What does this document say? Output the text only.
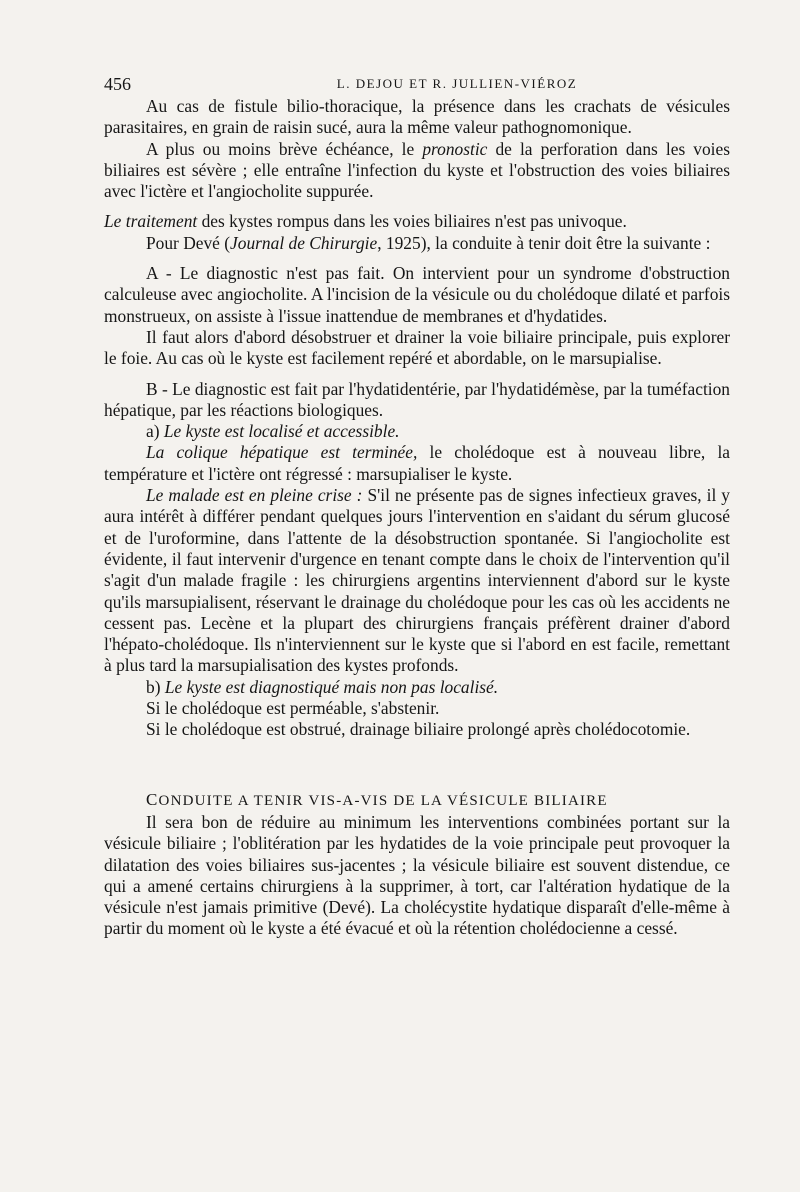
456	L. DEJOU ET R. JULLIEN-VIÉROZ

Au cas de fistule bilio-thoracique, la présence dans les crachats de vésicules parasitaires, en grain de raisin sucé, aura la même valeur pathognomonique.

A plus ou moins brève échéance, le pronostic de la perforation dans les voies biliaires est sévère ; elle entraîne l'infection du kyste et l'obstruction des voies biliaires avec l'ictère et l'angiocholite suppurée.

Le traitement des kystes rompus dans les voies biliaires n'est pas univoque.

Pour Devé (Journal de Chirurgie, 1925), la conduite à tenir doit être la suivante :

A - Le diagnostic n'est pas fait. On intervient pour un syndrome d'obstruction calculeuse avec angiocholite. A l'incision de la vésicule ou du cholédoque dilaté et parfois monstrueux, on assiste à l'issue inattendue de membranes et d'hydatides.

Il faut alors d'abord désobstruer et drainer la voie biliaire principale, puis explorer le foie. Au cas où le kyste est facilement repéré et abordable, on le marsupialise.

B - Le diagnostic est fait par l'hydatidentérie, par l'hydatidémèse, par la tuméfaction hépatique, par les réactions biologiques.

a) Le kyste est localisé et accessible.

La colique hépatique est terminée, le cholédoque est à nouveau libre, la température et l'ictère ont régressé : marsupialiser le kyste.

Le malade est en pleine crise : S'il ne présente pas de signes infectieux graves, il y aura intérêt à différer pendant quelques jours l'intervention en s'aidant du sérum glucosé et de l'uroformine, dans l'attente de la désobstruction spontanée. Si l'angiocholite est évidente, il faut intervenir d'urgence en tenant compte dans le choix de l'intervention qu'il s'agit d'un malade fragile : les chirurgiens argentins interviennent d'abord sur le kyste qu'ils marsupialisent, réservant le drainage du cholédoque pour les cas où les accidents ne cessent pas. Lecène et la plupart des chirurgiens français préfèrent drainer d'abord l'hépato-cholédoque. Ils n'interviennent sur le kyste que si l'abord en est facile, remettant à plus tard la marsupialisation des kystes profonds.

b) Le kyste est diagnostiqué mais non pas localisé.

Si le cholédoque est perméable, s'abstenir.

Si le cholédoque est obstrué, drainage biliaire prolongé après cholédocotomie.

CONDUITE A TENIR VIS-A-VIS DE LA VÉSICULE BILIAIRE

Il sera bon de réduire au minimum les interventions combinées portant sur la vésicule biliaire ; l'oblitération par les hydatides de la voie principale peut provoquer la dilatation des voies biliaires sus-jacentes ; la vésicule biliaire est souvent distendue, ce qui a amené certains chirurgiens à la supprimer, à tort, car l'altération hydatique de la vésicule n'est jamais primitive (Devé). La cholécystite hydatique disparaît d'elle-même à partir du moment où le kyste a été évacué et où la rétention cholédocienne a cessé.
